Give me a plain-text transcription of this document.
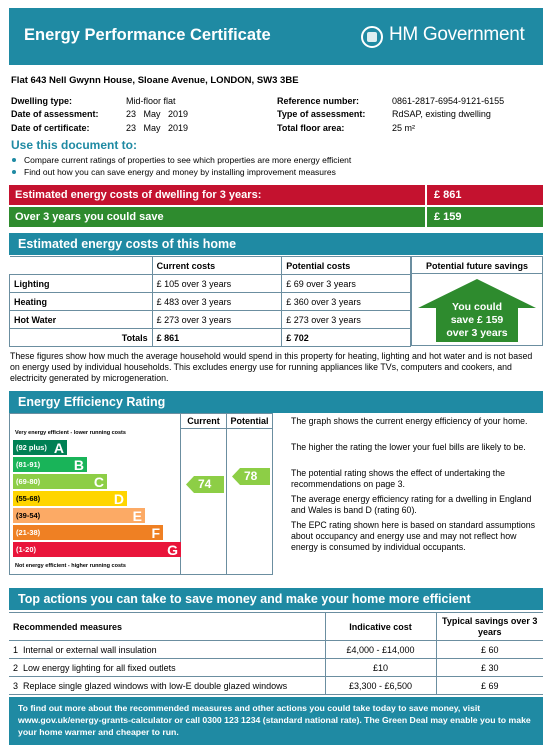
Energy Performance Certificate	HM Government
Flat 643 Nell Gwynn House, Sloane Avenue, LONDON, SW3 3BE
Dwelling type:	Mid-floor flat
Date of assessment:	23   May   2019
Date of certificate:	23   May   2019
Reference number:	0861-2817-6954-9121-6155
Type of assessment:	RdSAP, existing dwelling
Total floor area:	25 m²
Use this document to:
Compare current ratings of properties to see which properties are more energy efficient
Find out how you can save energy and money by installing improvement measures
Estimated energy costs of dwelling for 3 years:	£ 861
Over 3 years you could save	£ 159
Estimated energy costs of this home
	Current costs	Potential costs
Lighting	£ 105 over 3 years	£ 69 over 3 years
Heating	£ 483 over 3 years	£ 360 over 3 years
Hot Water	£ 273 over 3 years	£ 273 over 3 years
Totals	£ 861	£ 702
Potential future savings
You could
save £ 159
over 3 years
These figures show how much the average household would spend in this property for heating, lighting and hot water and is not based on energy used by individual households. This excludes energy use for running appliances like TVs, computers and cookers, and electricity generated by microgeneration.
Energy Efficiency Rating
Very energy efficient - lower running costs
(92 plus) A
(81-91) B
(69-80)	C
(55-68)	D
(39-54)	E
(21-38)	F
(1-20)	G
Not energy efficient - higher running costs
Current	Potential
74
78
The graph shows the current energy efficiency of your home.
The higher the rating the lower your fuel bills are likely to be.
The potential rating shows the effect of undertaking the recommendations on page 3.
The average energy efficiency rating for a dwelling in England and Wales is band D (rating 60).
The EPC rating shown here is based on standard assumptions about occupancy and energy use and may not reflect how energy is consumed by individual occupants.
Top actions you can take to save money and make your home more efficient
Recommended measures	Indicative cost	Typical savings over 3 years
1 Internal or external wall insulation	£4,000 - £14,000	£ 60
2 Low energy lighting for all fixed outlets	£10	£ 30
3 Replace single glazed windows with low-E double glazed windows	£3,300 - £6,500	£ 69
To find out more about the recommended measures and other actions you could take today to save money, visit www.gov.uk/energy-grants-calculator or call 0300 123 1234 (standard national rate). The Green Deal may enable you to make your home warmer and cheaper to run.
